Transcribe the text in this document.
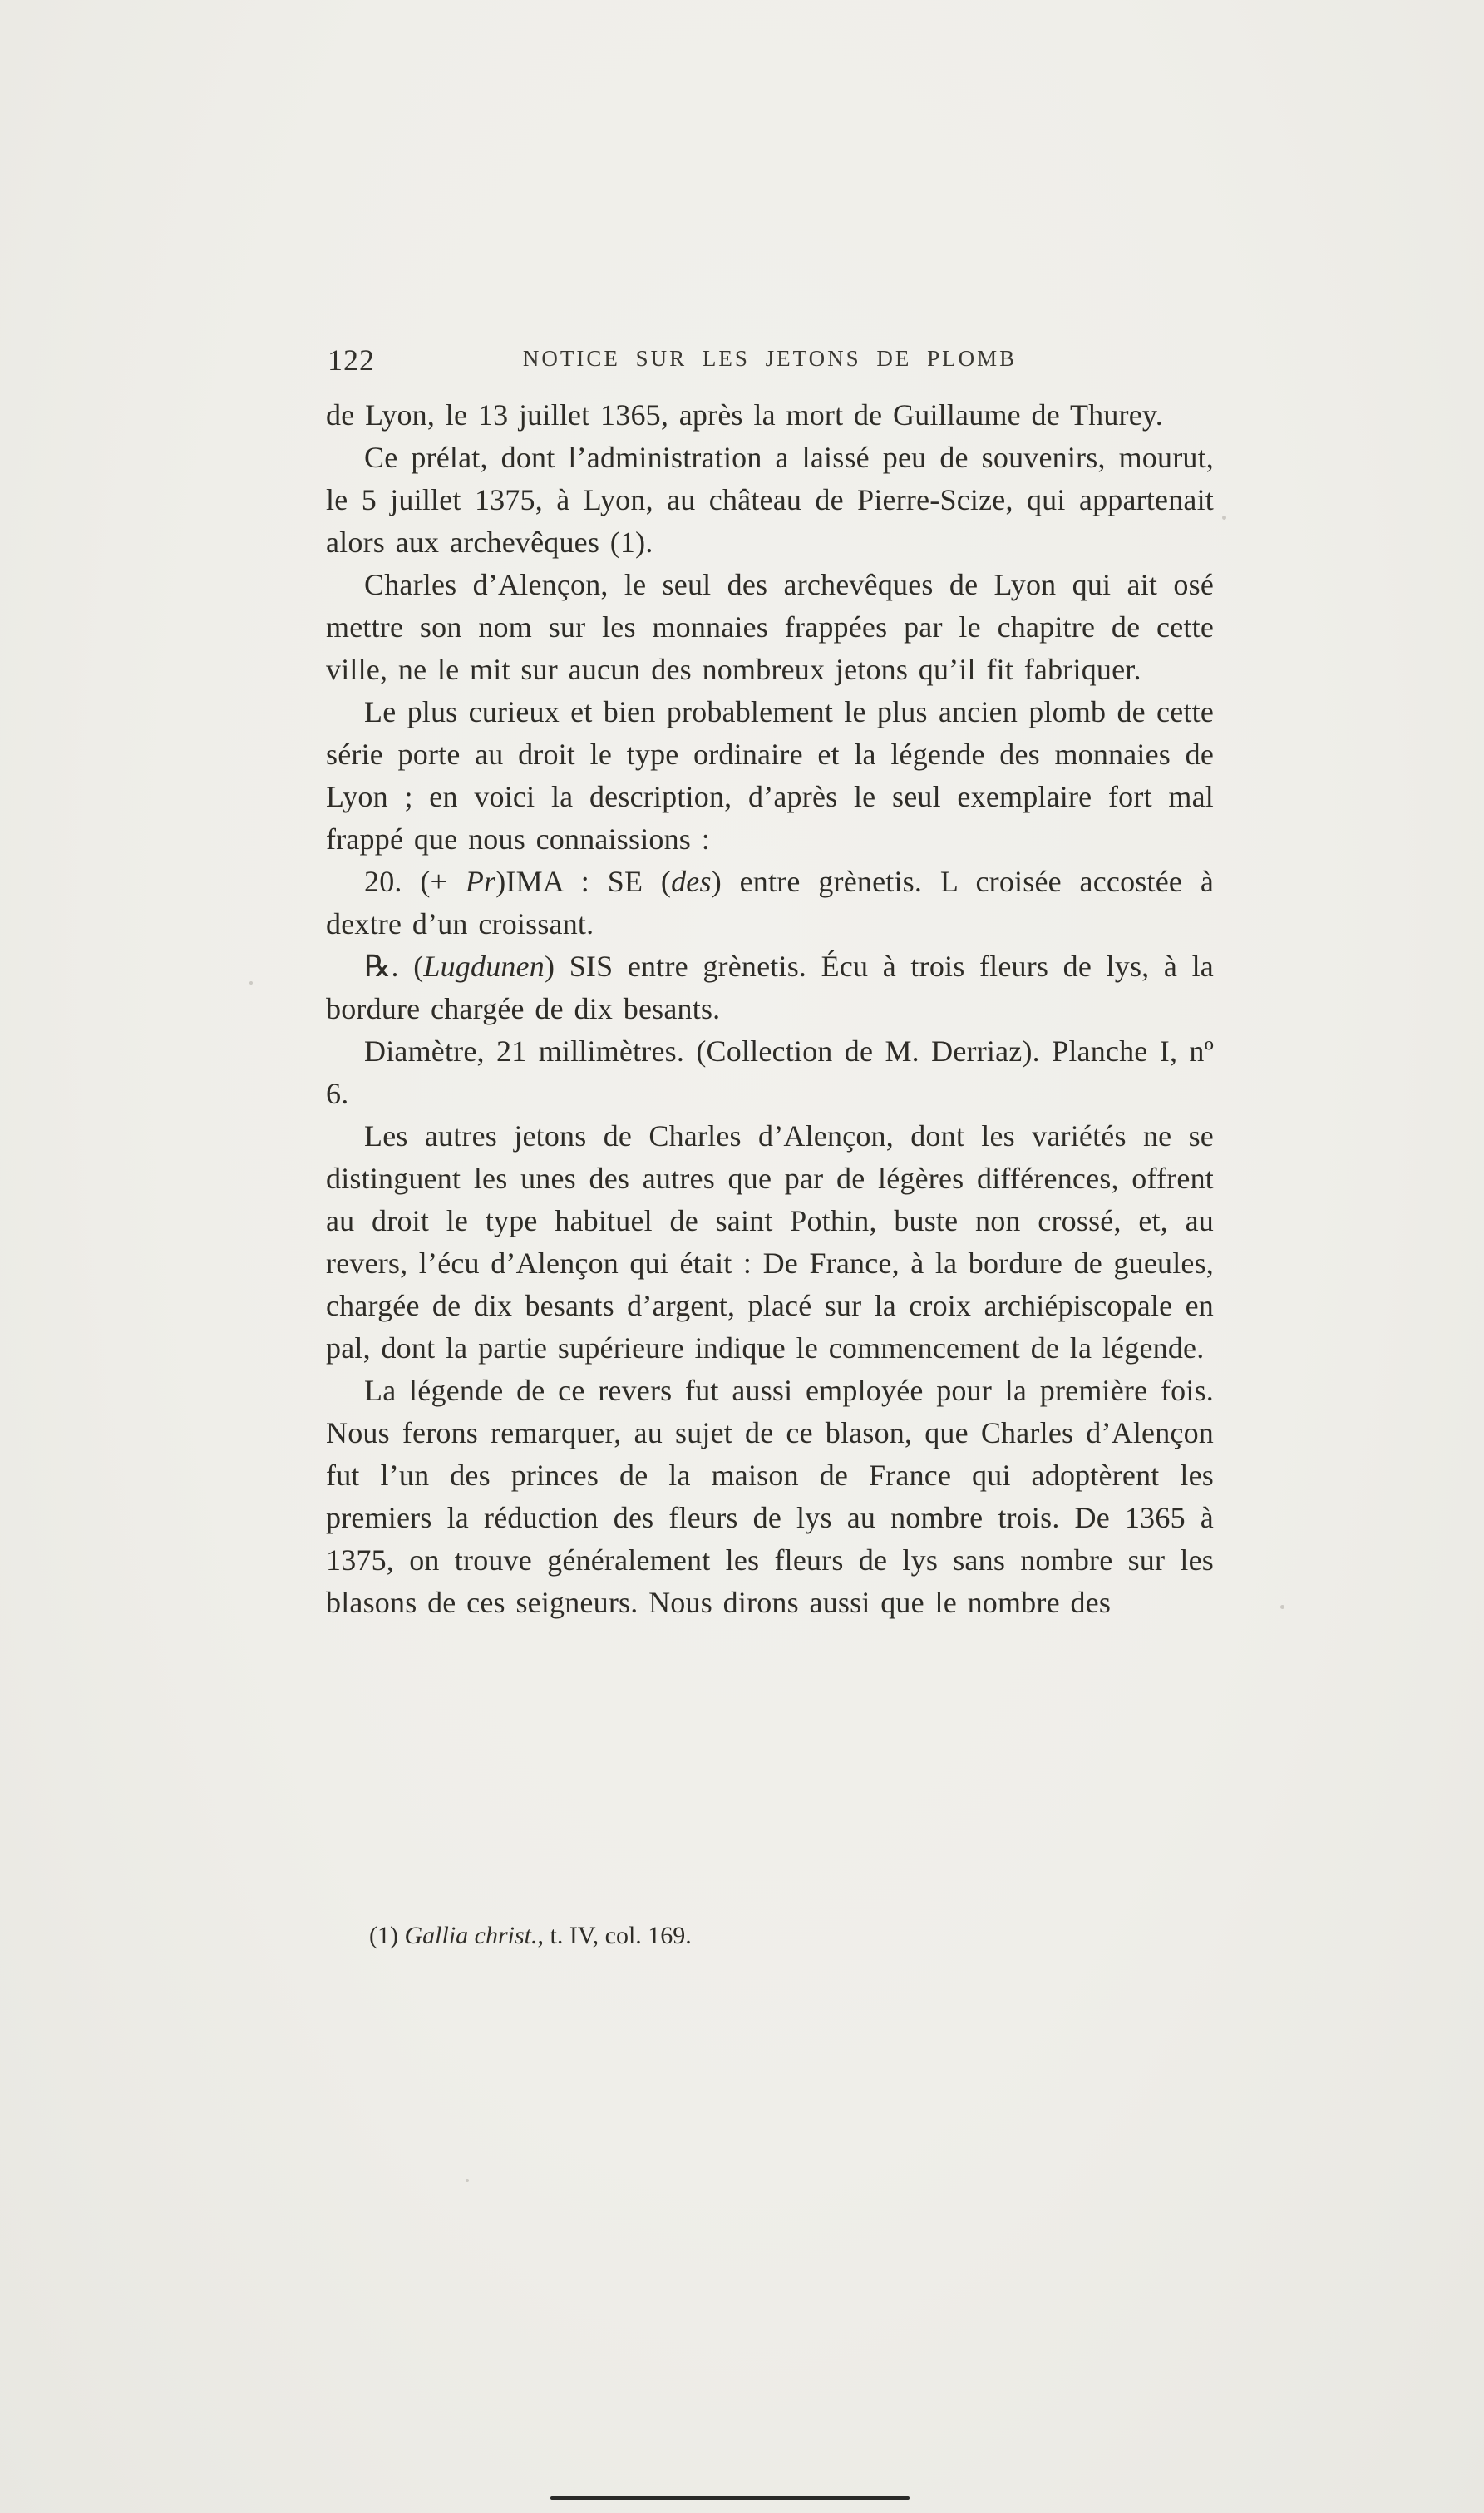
122	NOTICE SUR LES JETONS DE PLOMB

de Lyon, le 13 juillet 1365, après la mort de Guillaume de Thurey.

Ce prélat, dont l’administration a laissé peu de souvenirs, mourut, le 5 juillet 1375, à Lyon, au château de Pierre-Scize, qui appartenait alors aux archevêques (1).

Charles d’Alençon, le seul des archevêques de Lyon qui ait osé mettre son nom sur les monnaies frappées par le chapitre de cette ville, ne le mit sur aucun des nombreux jetons qu’il fit fabriquer.

Le plus curieux et bien probablement le plus ancien plomb de cette série porte au droit le type ordinaire et la légende des monnaies de Lyon ; en voici la description, d’après le seul exemplaire fort mal frappé que nous connaissions :

20. (+ Pr)IMA : SE (des) entre grènetis. L croisée accostée à dextre d’un croissant.

℞. (Lugdunen) SIS entre grènetis. Écu à trois fleurs de lys, à la bordure chargée de dix besants.

Diamètre, 21 millimètres. (Collection de M. Derriaz). Planche I, nº 6.

Les autres jetons de Charles d’Alençon, dont les variétés ne se distinguent les unes des autres que par de légères différences, offrent au droit le type habituel de saint Pothin, buste non crossé, et, au revers, l’écu d’Alençon qui était : De France, à la bordure de gueules, chargée de dix besants d’argent, placé sur la croix archiépiscopale en pal, dont la partie supérieure indique le commencement de la légende.

La légende de ce revers fut aussi employée pour la première fois. Nous ferons remarquer, au sujet de ce blason, que Charles d’Alençon fut l’un des princes de la maison de France qui adoptèrent les premiers la réduction des fleurs de lys au nombre trois. De 1365 à 1375, on trouve généralement les fleurs de lys sans nombre sur les blasons de ces seigneurs. Nous dirons aussi que le nombre des

(1) Gallia christ., t. IV, col. 169.
